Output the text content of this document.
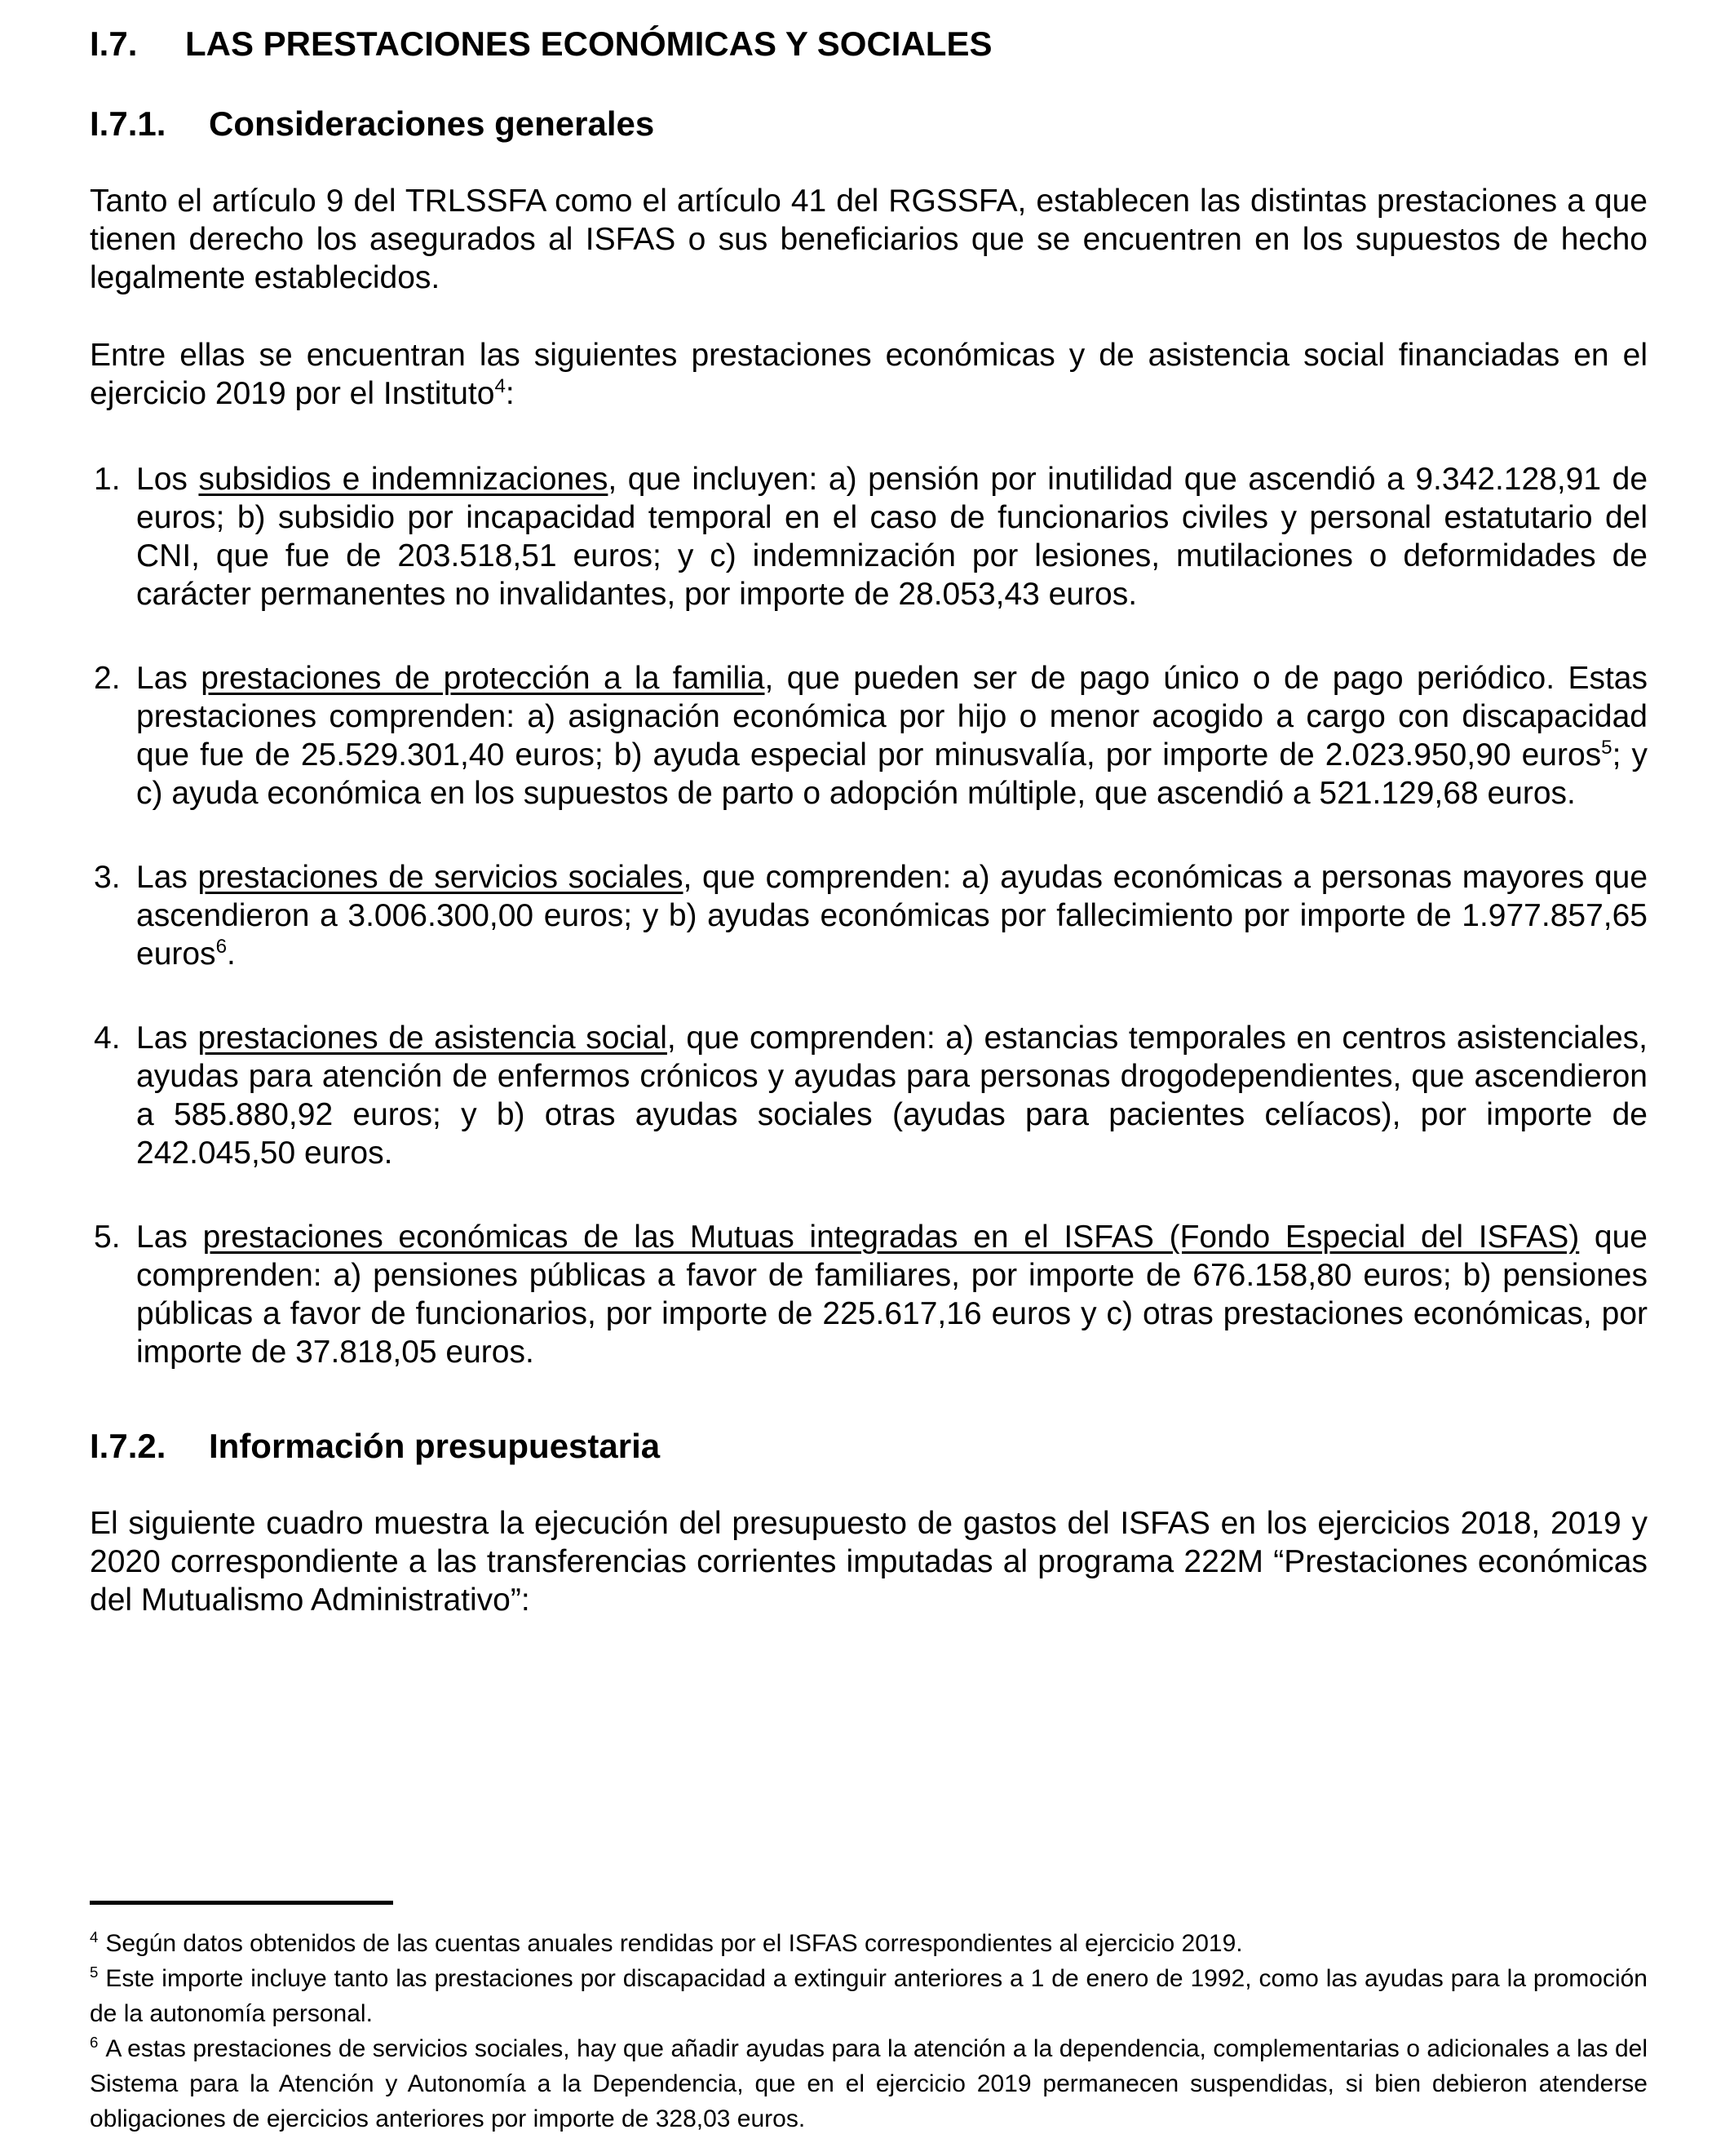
I.7.	LAS PRESTACIONES ECONÓMICAS Y SOCIALES
I.7.1.	Consideraciones generales

Tanto el artículo 9 del TRLSSFA como el artículo 41 del RGSSFA, establecen las distintas prestaciones a que tienen derecho los asegurados al ISFAS o sus beneficiarios que se encuentren en los supuestos de hecho legalmente establecidos.

Entre ellas se encuentran las siguientes prestaciones económicas y de asistencia social financiadas en el ejercicio 2019 por el Instituto$^4$:

1. Los subsidios e indemnizaciones, que incluyen: a) pensión por inutilidad que ascendió a 9.342.128,91 de euros; b) subsidio por incapacidad temporal en el caso de funcionarios civiles y personal estatutario del CNI, que fue de 203.518,51 euros; y c) indemnización por lesiones, mutilaciones o deformidades de carácter permanentes no invalidantes, por importe de 28.053,43 euros.
2. Las prestaciones de protección a la familia, que pueden ser de pago único o de pago periódico. Estas prestaciones comprenden: a) asignación económica por hijo o menor acogido a cargo con discapacidad que fue de 25.529.301,40 euros; b) ayuda especial por minusvalía, por importe de 2.023.950,90 euros$^5$; y c) ayuda económica en los supuestos de parto o adopción múltiple, que ascendió a 521.129,68 euros.
3. Las prestaciones de servicios sociales, que comprenden: a) ayudas económicas a personas mayores que ascendieron a 3.006.300,00 euros; y b) ayudas económicas por fallecimiento por importe de 1.977.857,65 euros$^6$.
4. Las prestaciones de asistencia social, que comprenden: a) estancias temporales en centros asistenciales, ayudas para atención de enfermos crónicos y ayudas para personas drogodependientes, que ascendieron a 585.880,92 euros; y b) otras ayudas sociales (ayudas para pacientes celíacos), por importe de 242.045,50 euros.
5. Las prestaciones económicas de las Mutuas integradas en el ISFAS (Fondo Especial del ISFAS) que comprenden: a) pensiones públicas a favor de familiares, por importe de 676.158,80 euros; b) pensiones públicas a favor de funcionarios, por importe de 225.617,16 euros y c) otras prestaciones económicas, por importe de 37.818,05 euros.
I.7.2.	Información presupuestaria

El siguiente cuadro muestra la ejecución del presupuesto de gastos del ISFAS en los ejercicios 2018, 2019 y 2020 correspondiente a las transferencias corrientes imputadas al programa 222M “Prestaciones económicas del Mutualismo Administrativo”:

$^4$ Según datos obtenidos de las cuentas anuales rendidas por el ISFAS correspondientes al ejercicio 2019.
$^5$ Este importe incluye tanto las prestaciones por discapacidad a extinguir anteriores a 1 de enero de 1992, como las ayudas para la promoción de la autonomía personal.
$^6$ A estas prestaciones de servicios sociales, hay que añadir ayudas para la atención a la dependencia, complementarias o adicionales a las del Sistema para la Atención y Autonomía a la Dependencia, que en el ejercicio 2019 permanecen suspendidas, si bien debieron atenderse obligaciones de ejercicios anteriores por importe de 328,03 euros.
